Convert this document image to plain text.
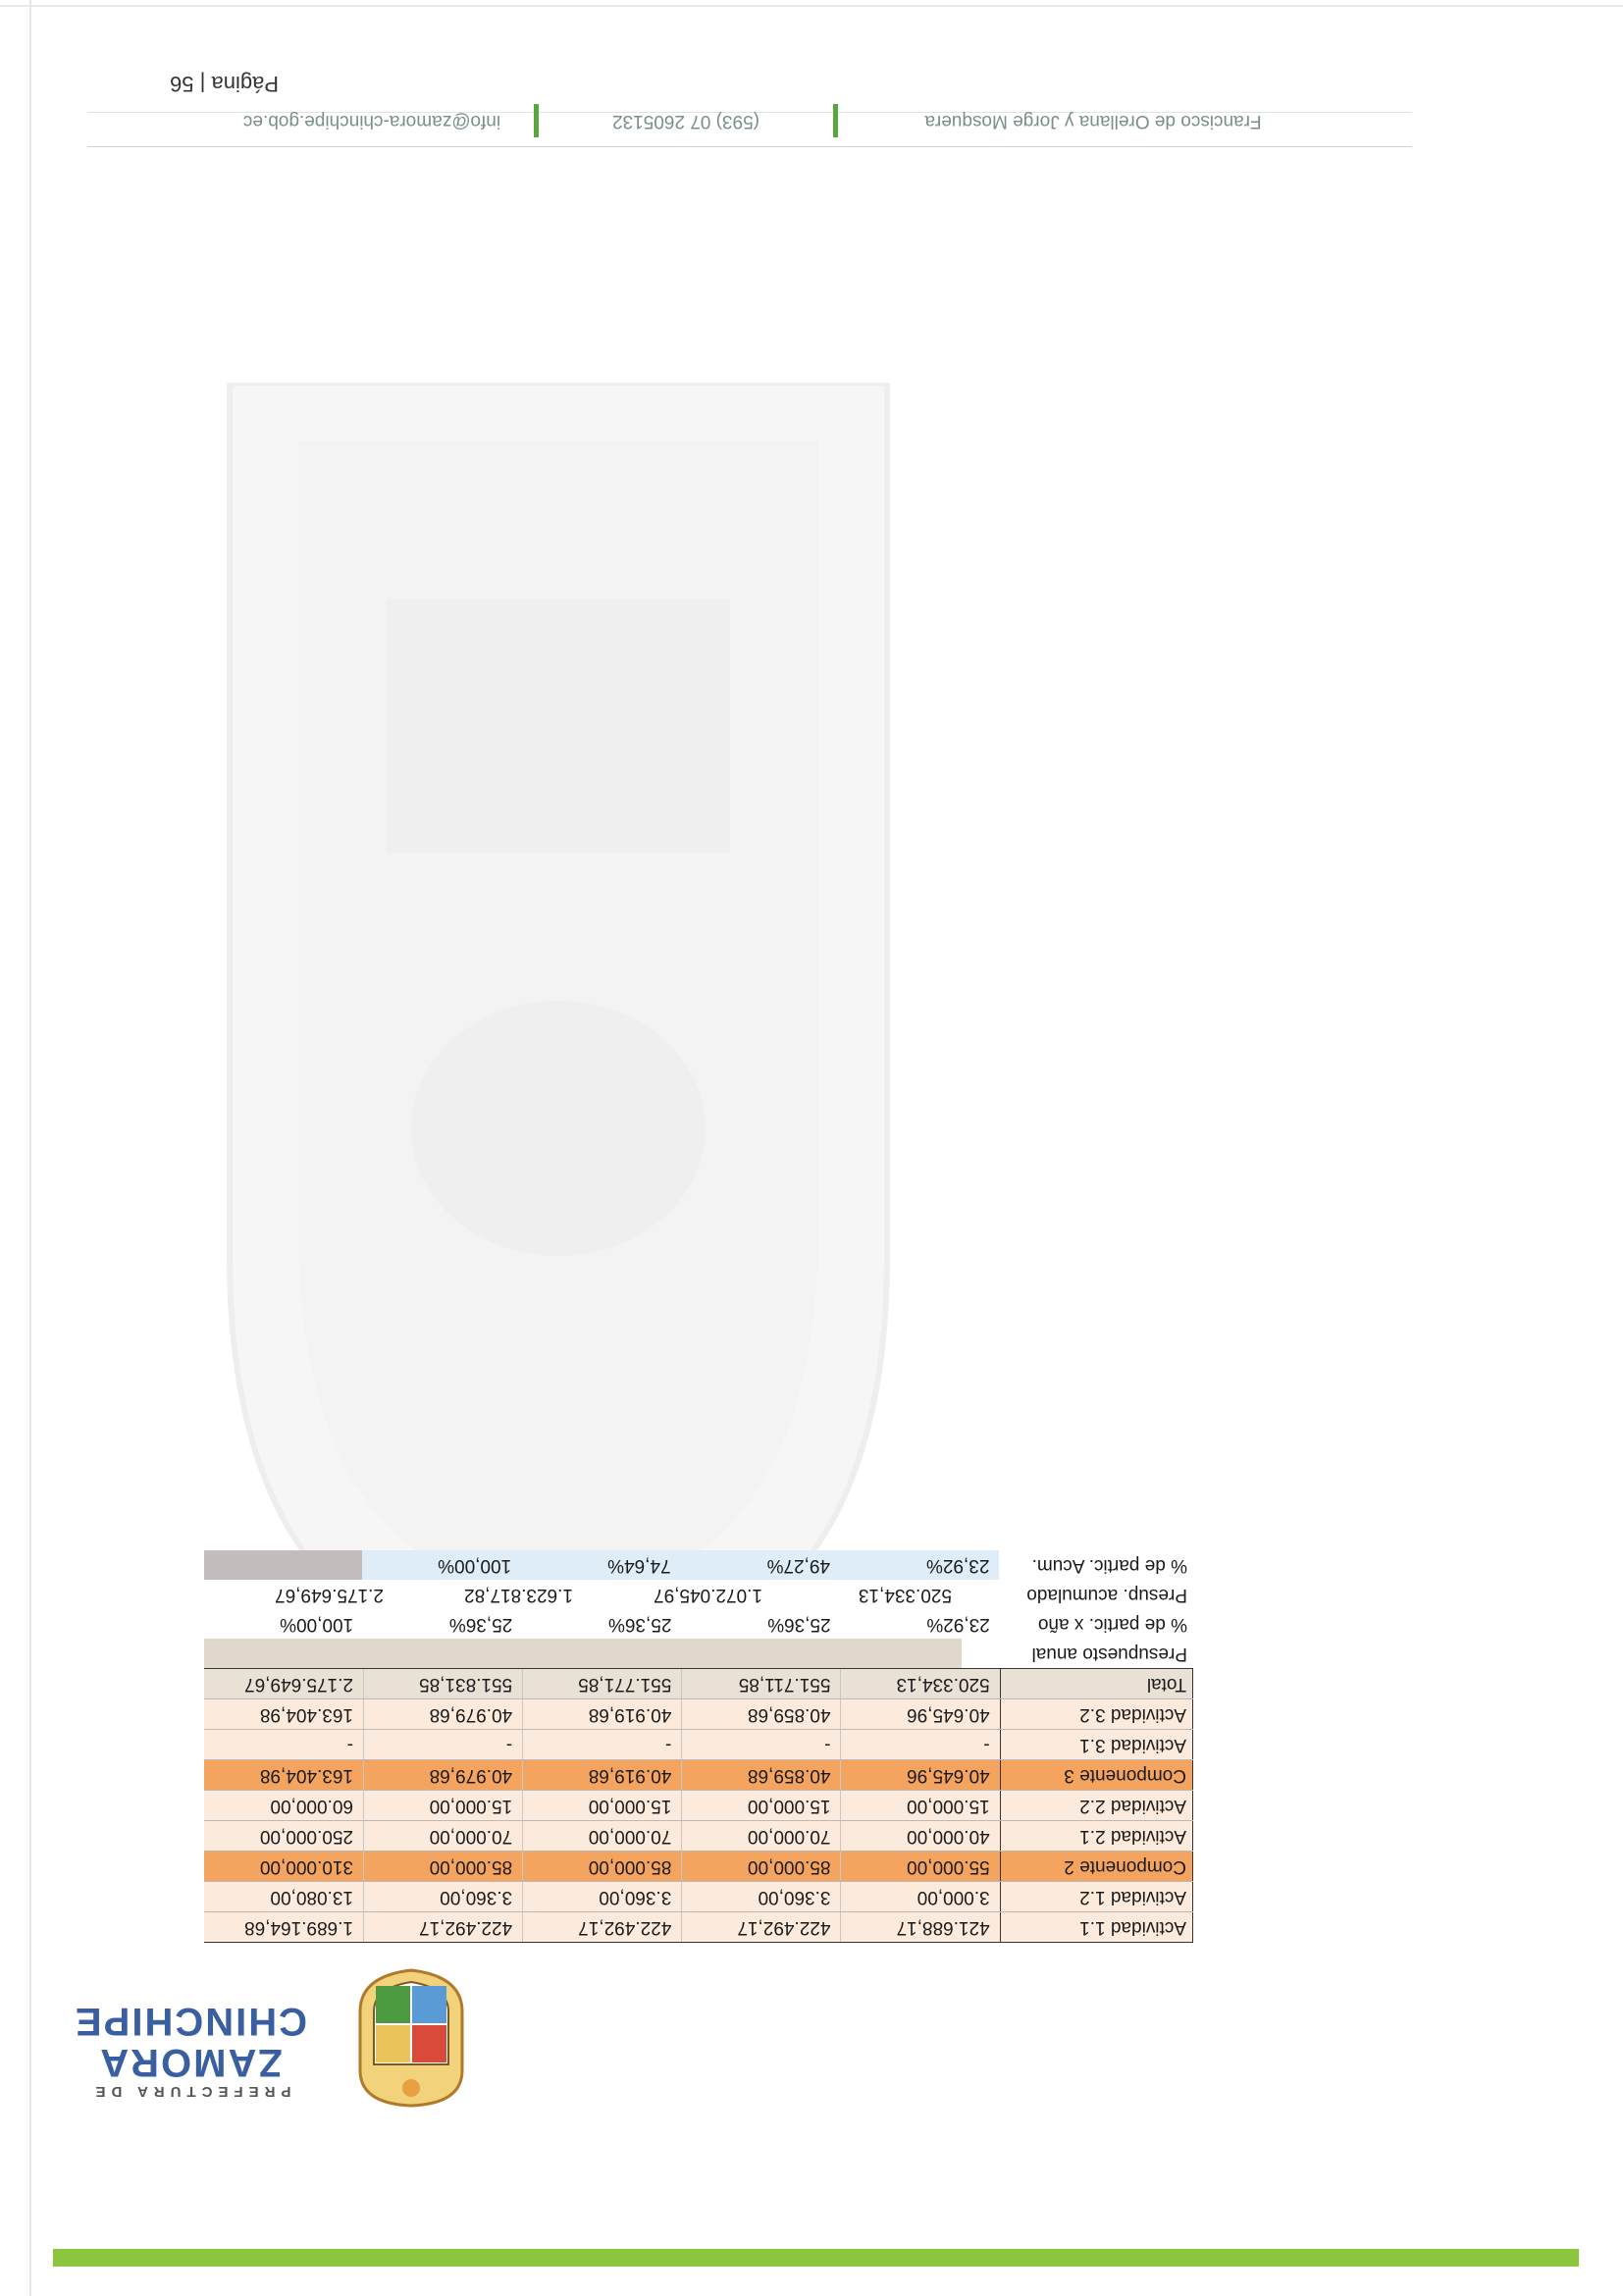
PREFECTURA DE
ZAMORA
CHINCHIPE
Actividad 1.1
421.688,17
422.492,17
422.492,17
422.492,17
1.689.164,68
Actividad 1.2
3.000,00
3.360,00
3.360,00
3.360,00
13.080,00
Componente 2
55.000,00
85.000,00
85.000,00
85.000,00
310.000,00
Actividad 2.1
40.000,00
70.000,00
70.000,00
70.000,00
250.000,00
Actividad 2.2
15.000,00
15.000,00
15.000,00
15.000,00
60.000,00
Componente 3
40.645,96
40.859,68
40.919,68
40.979,68
163.404,98
Actividad 3.1
-
-
-
-
-
Actividad 3.2
40.645,96
40.859,68
40.919,68
40.979,68
163.404,98
Total
520.334,13
551.711,85
551.771,85
551.831,85
2.175.649,67
Presupuesto anual
% de partic. x año
23,92%
25,36%
25,36%
25,36%
100,00%
Presup. acumulado
520.334,13
1.072.045,97
1.623.817,82
2.175.649,67
% de partic. Acum.
23,92%
49,27%
74,64%
100,00%
Francisco de Orellana y Jorge Mosquera
(593) 07 2605132
info@zamora-chinchipe.gob.ec
Página | 56
